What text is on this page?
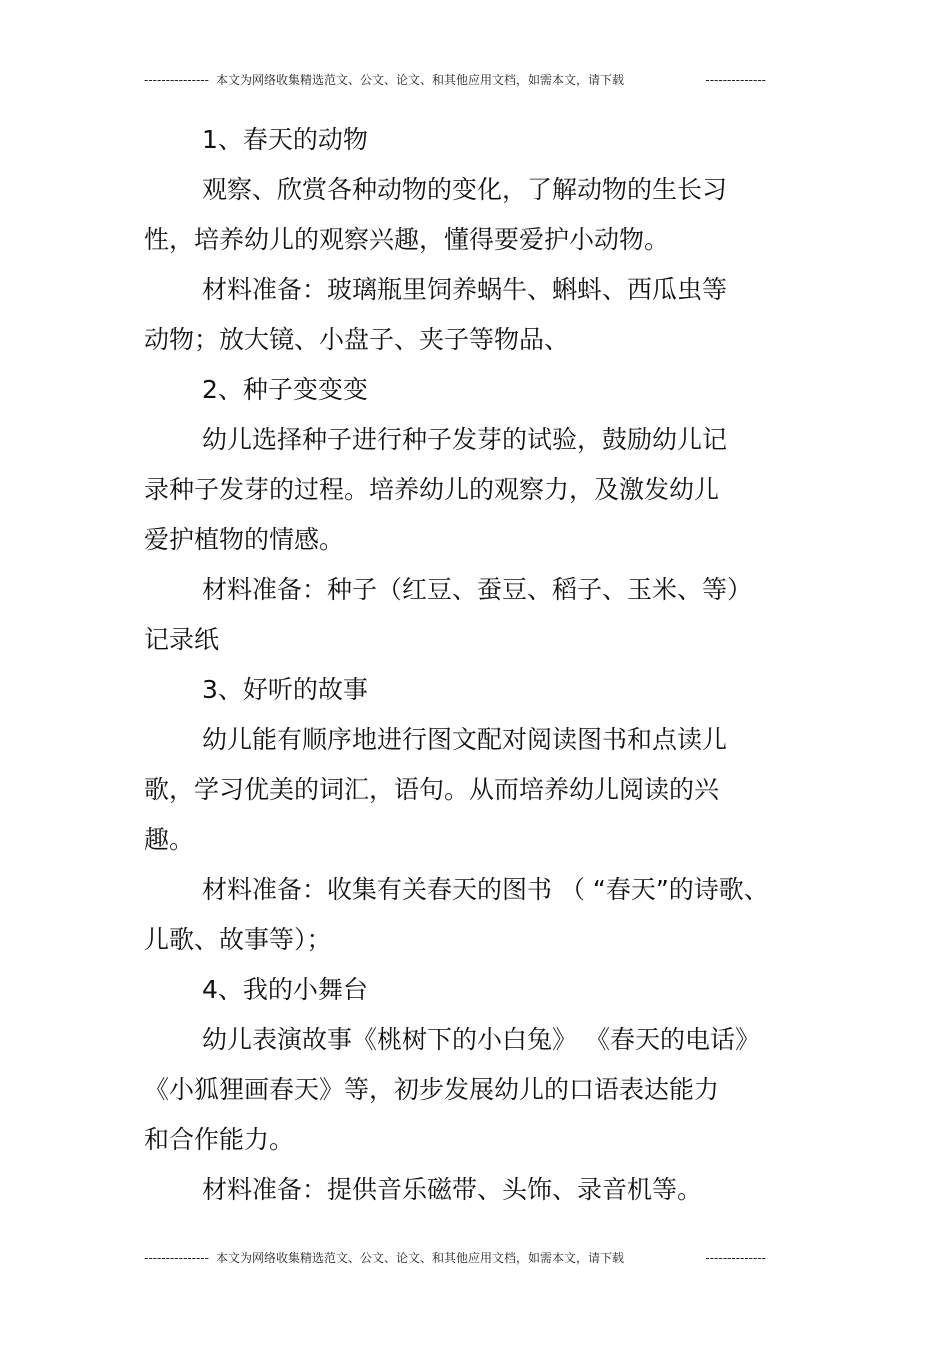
--------------- 本文为网络收集精选范文、公文、论文、和其他应用文档，如需本文，请下载	--------------
1、春天的动物
观察、欣赏各种动物的变化，了解动物的生长习
性，培养幼儿的观察兴趣，懂得要爱护小动物。
材料准备：玻璃瓶里饲养蜗牛、蝌蚪、西瓜虫等
动物；放大镜、小盘子、夹子等物品、
2、种子变变变
幼儿选择种子进行种子发芽的试验，鼓励幼儿记
录种子发芽的过程。培养幼儿的观察力，及激发幼儿
爱护植物的情感。
材料准备：种子（红豆、蚕豆、稻子、玉米、等）
记录纸
3、好听的故事
幼儿能有顺序地进行图文配对阅读图书和点读儿
歌，学习优美的词汇，语句。从而培养幼儿阅读的兴
趣。
材料准备：收集有关春天的图书 （ “春天”的诗歌、
儿歌、故事等）；
4、我的小舞台
幼儿表演故事《桃树下的小白兔》 《春天的电话》
《小狐狸画春天》等，初步发展幼儿的口语表达能力
和合作能力。
材料准备：提供音乐磁带、头饰、录音机等。
--------------- 本文为网络收集精选范文、公文、论文、和其他应用文档，如需本文，请下载	--------------
